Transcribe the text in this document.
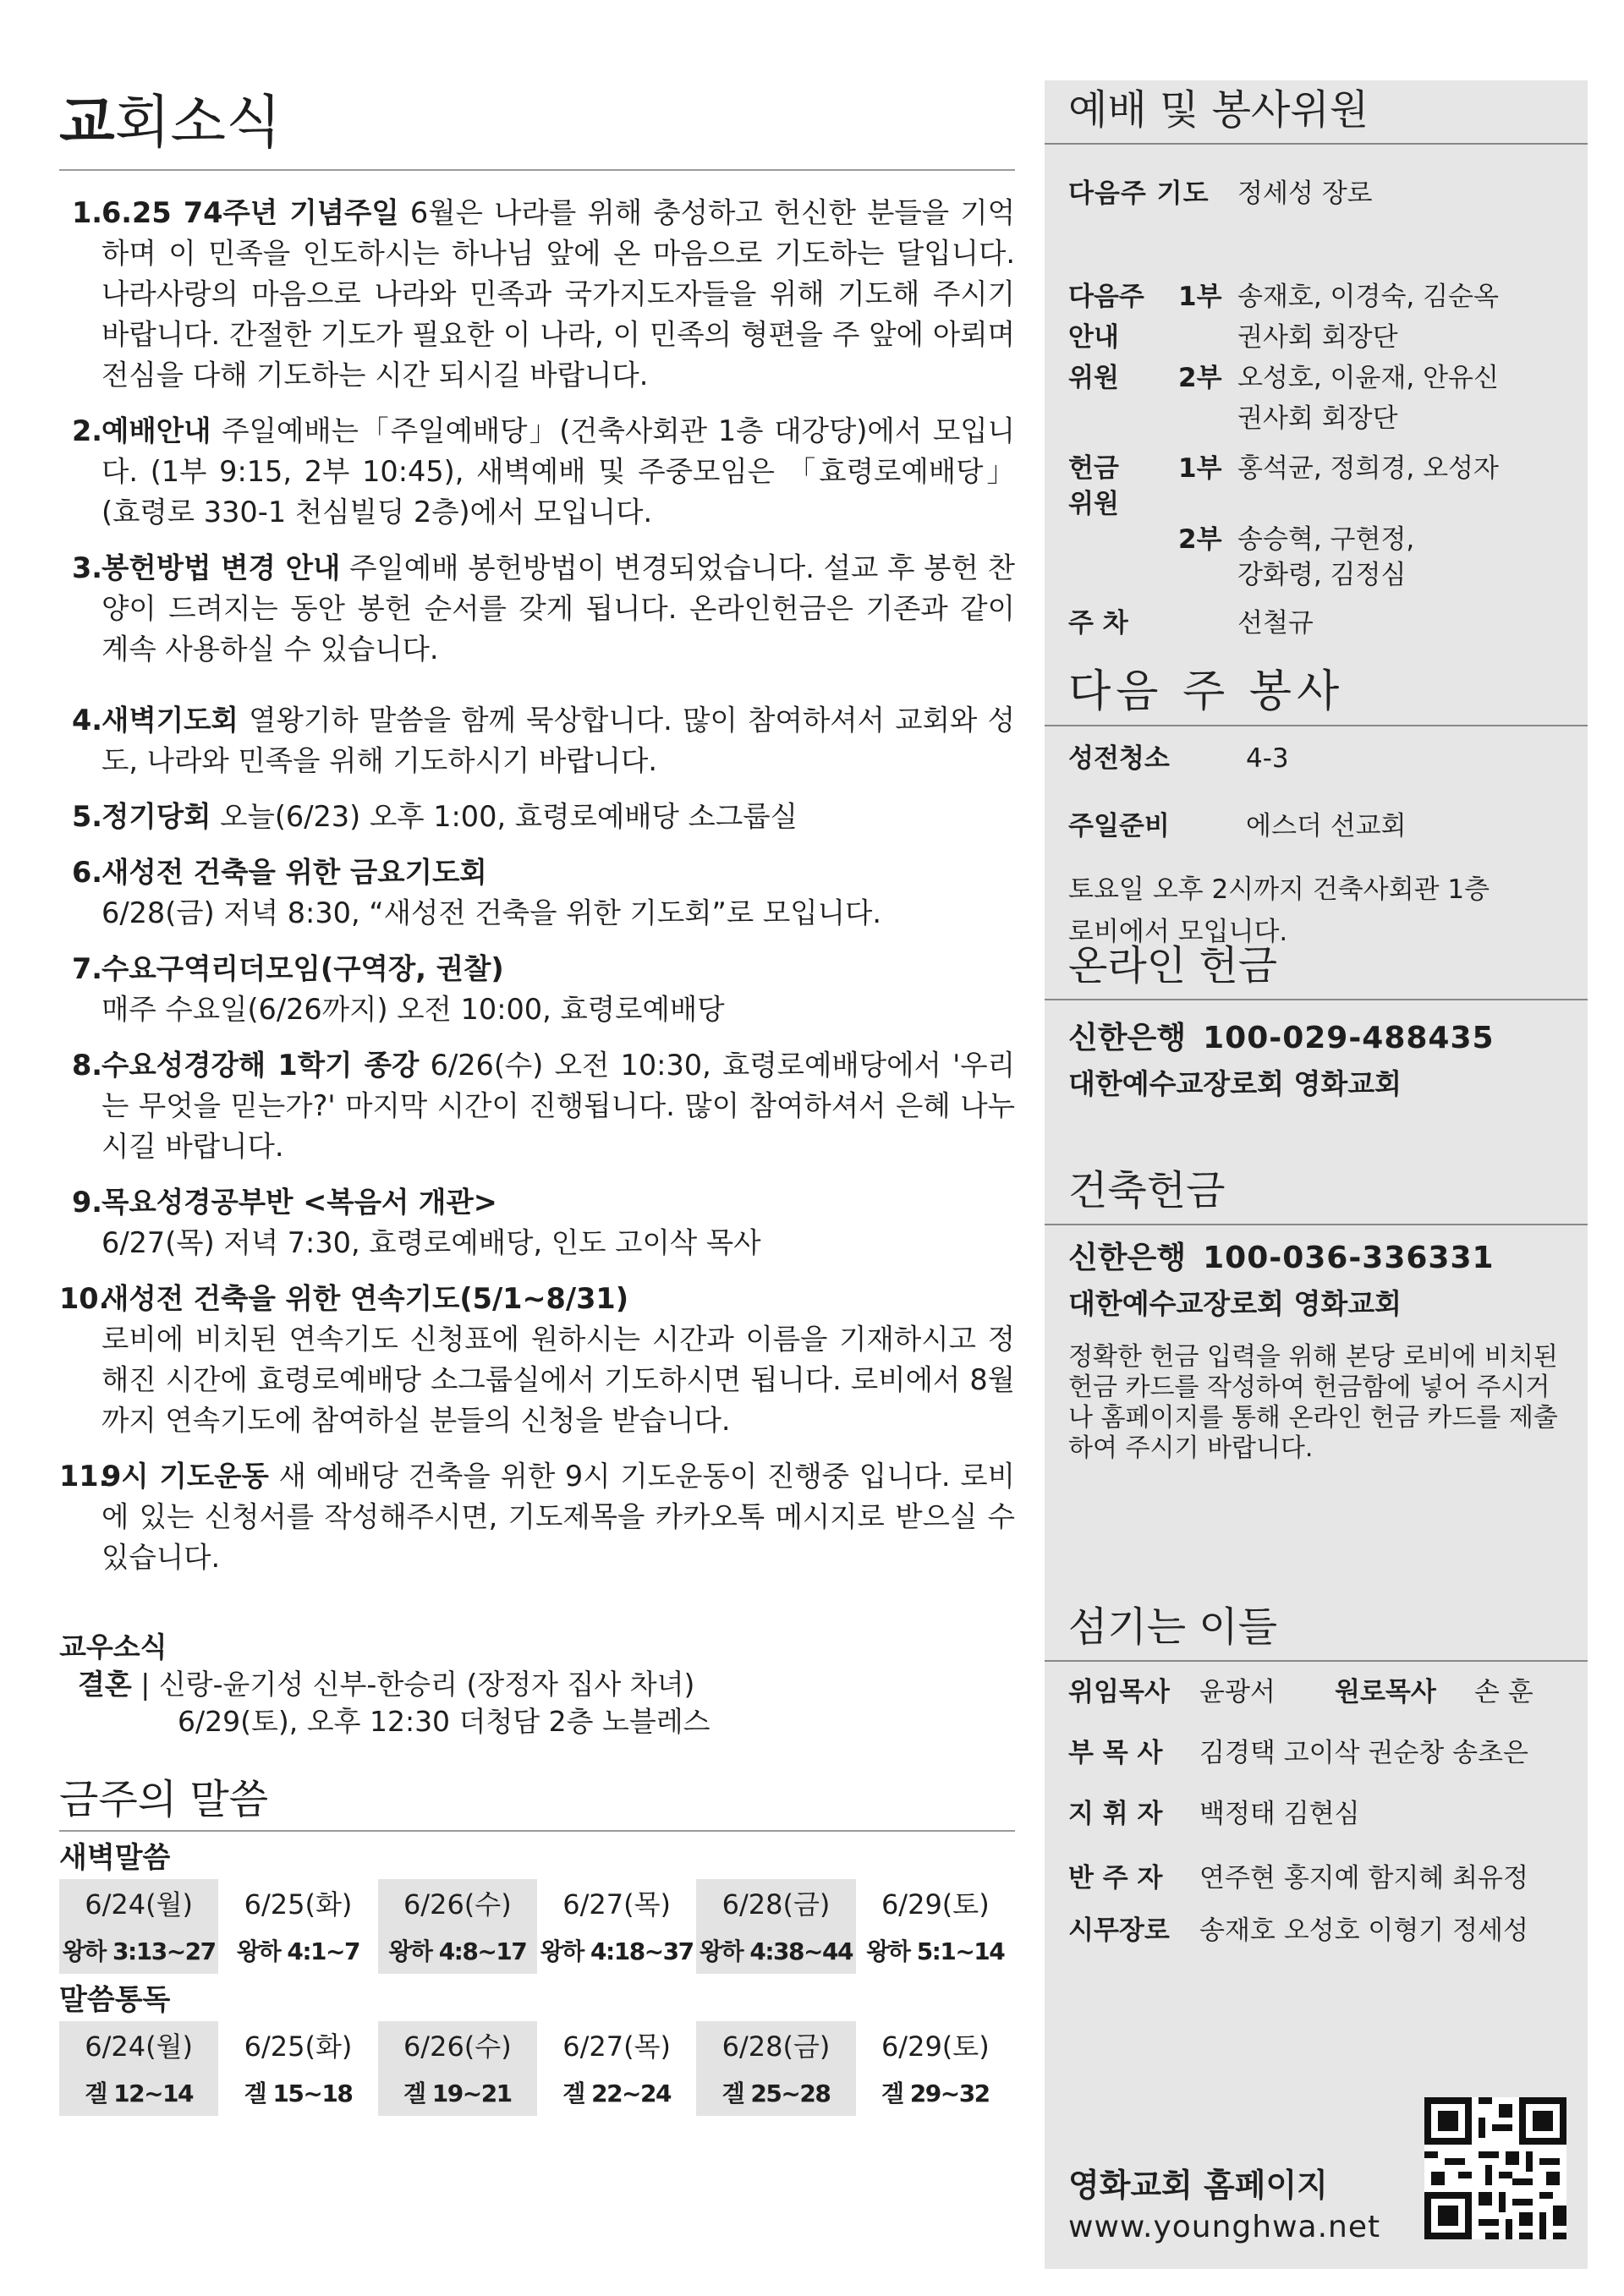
교회소식
1.
6.25 74주년 기념주일 6월은 나라를 위해 충성하고 헌신한 분들을 기억하며 이 민족을 인도하시는 하나님 앞에 온 마음으로 기도하는 달입니다. 나라사랑의 마음으로 나라와 민족과 국가지도자들을 위해 기도해 주시기 바랍니다. 간절한 기도가 필요한 이 나라, 이 민족의 형편을 주 앞에 아뢰며 전심을 다해 기도하는 시간 되시길 바랍니다.
2.
예배안내 주일예배는「주일예배당」(건축사회관 1층 대강당)에서 모입니다. (1부 9:15, 2부 10:45), 새벽예배 및 주중모임은 「효령로예배당」(효령로 330-1 천심빌딩 2층)에서 모입니다.
3.
봉헌방법 변경 안내 주일예배 봉헌방법이 변경되었습니다. 설교 후 봉헌 찬양이 드려지는 동안 봉헌 순서를 갖게 됩니다. 온라인헌금은 기존과 같이 계속 사용하실 수 있습니다.
4.
새벽기도회 열왕기하 말씀을 함께 묵상합니다. 많이 참여하셔서 교회와 성도, 나라와 민족을 위해 기도하시기 바랍니다.
5.
정기당회 오늘(6/23) 오후 1:00, 효령로예배당 소그룹실
6.
새성전 건축을 위한 금요기도회
6/28(금) 저녁 8:30, “새성전 건축을 위한 기도회”로 모입니다.
7.
수요구역리더모임(구역장, 권찰)
매주 수요일(6/26까지) 오전 10:00, 효령로예배당
8.
수요성경강해 1학기 종강 6/26(수) 오전 10:30, 효령로예배당에서 '우리는 무엇을 믿는가?' 마지막 시간이 진행됩니다. 많이 참여하셔서 은혜 나누시길 바랍니다.
9.
목요성경공부반 <복음서 개관>
6/27(목) 저녁 7:30, 효령로예배당, 인도 고이삭 목사
10.
새성전 건축을 위한 연속기도(5/1~8/31)
로비에 비치된 연속기도 신청표에 원하시는 시간과 이름을 기재하시고 정해진 시간에 효령로예배당 소그룹실에서 기도하시면 됩니다. 로비에서 8월까지 연속기도에 참여하실 분들의 신청을 받습니다.
11.
9시 기도운동 새 예배당 건축을 위한 9시 기도운동이 진행중 입니다. 로비에 있는 신청서를 작성해주시면, 기도제목을 카카오톡 메시지로 받으실 수 있습니다.
교우소식
결혼 | 신랑-윤기성 신부-한승리 (장정자 집사 차녀)
6/29(토), 오후 12:30 더청담 2층 노블레스
금주의 말씀
새벽말씀
6/24(월)	6/25(화)	6/26(수)	6/27(목)	6/28(금)	6/29(토)
왕하 3:13~27	왕하 4:1~7	왕하 4:8~17	왕하 4:18~37	왕하 4:38~44	왕하 5:1~14
말씀통독
6/24(월)	6/25(화)	6/26(수)	6/27(목)	6/28(금)	6/29(토)
겔 12~14	겔 15~18	겔 19~21	겔 22~24	겔 25~28	겔 29~32
예배 및 봉사위원
다음주 기도 정세성 장로
다음주
안내
위원
1부 송재호, 이경숙, 김순옥
권사회 회장단
2부 오성호, 이윤재, 안유신
권사회 회장단
헌금
위원
1부 홍석균, 정희경, 오성자
2부 송승혁, 구현정,
강화령, 김정심
주 차	선철규
다음 주 봉사
성전청소	4-3
주일준비	에스더 선교회
토요일 오후 2시까지 건축사회관 1층
로비에서 모입니다.
온라인 헌금
신한은행 100-029-488435
대한예수교장로회 영화교회
건축헌금
신한은행 100-036-336331
대한예수교장로회 영화교회
정확한 헌금 입력을 위해 본당 로비에 비치된 헌금 카드를 작성하여 헌금함에 넣어 주시거나 홈페이지를 통해 온라인 헌금 카드를 제출하여 주시기 바랍니다.
섬기는 이들
위임목사 윤광서 원로목사 손 훈
부 목 사 김경택 고이삭 권순창 송초은
지 휘 자 백정태 김현심
반 주 자 연주현 홍지예 함지혜 최유정
시무장로 송재호 오성호 이형기 정세성
영화교회 홈페이지
www.younghwa.net
